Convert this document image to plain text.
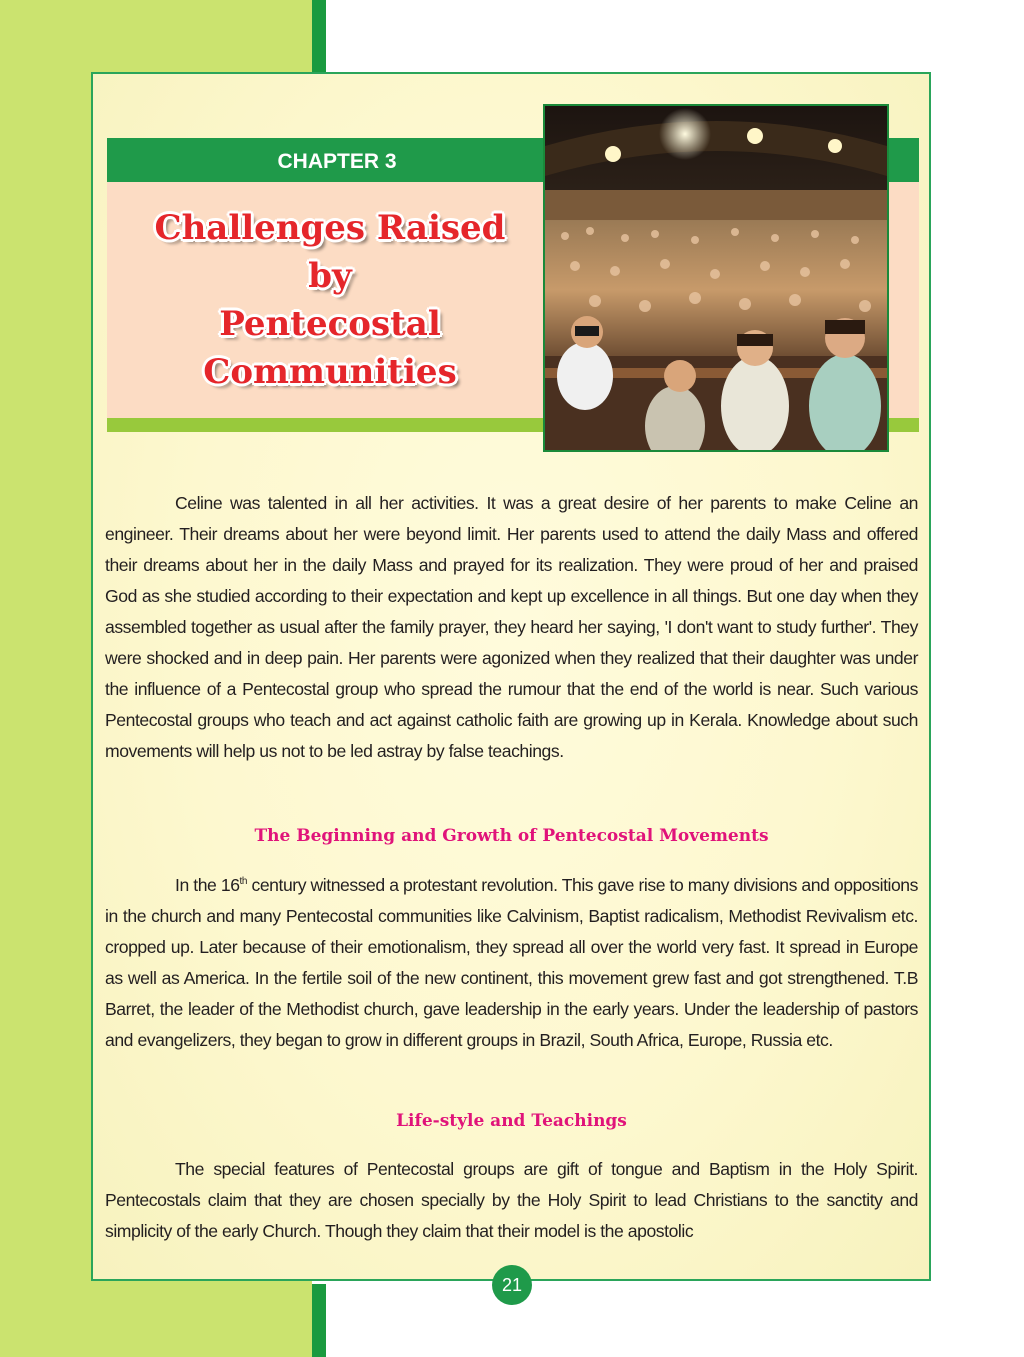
CHAPTER 3
Challenges Raised
by
Pentecostal
Communities

Celine was talented in all her activities. It was a great desire of her parents to make Celine an engineer. Their dreams about her were beyond limit. Her parents used to attend the daily Mass and offered their dreams about her in the daily Mass and prayed for its realization. They were proud of her and praised God as she studied according to their expectation and kept up excellence in all things. But one day when they assembled together as usual after the family prayer, they heard her saying, 'I don't want to study further'. They were shocked and in deep pain. Her parents were agonized when they realized that their daughter was under the influence of a Pentecostal group who spread the rumour that the end of the world is near. Such various Pentecostal groups who teach and act against catholic faith are growing up in Kerala. Knowledge about such movements will help us not to be led astray by false teachings.

The Beginning and Growth of Pentecostal Movements

In the 16th century witnessed a protestant revolution. This gave rise to many divisions and oppositions in the church and many Pentecostal communities like Calvinism, Baptist radicalism, Methodist Revivalism etc. cropped up. Later because of their emotionalism, they spread all over the world very fast. It spread in Europe as well as America. In the fertile soil of the new continent, this movement grew fast and got strengthened. T.B Barret, the leader of the Methodist church, gave leadership in the early years. Under the leadership of pastors and evangelizers, they began to grow in different groups in Brazil, South Africa, Europe, Russia etc.

Life-style and Teachings

The special features of Pentecostal groups are gift of tongue and Baptism in the Holy Spirit. Pentecostals claim that they are chosen specially by the Holy Spirit to lead Christians to the sanctity and simplicity of the early Church. Though they claim that their model is the apostolic

21
